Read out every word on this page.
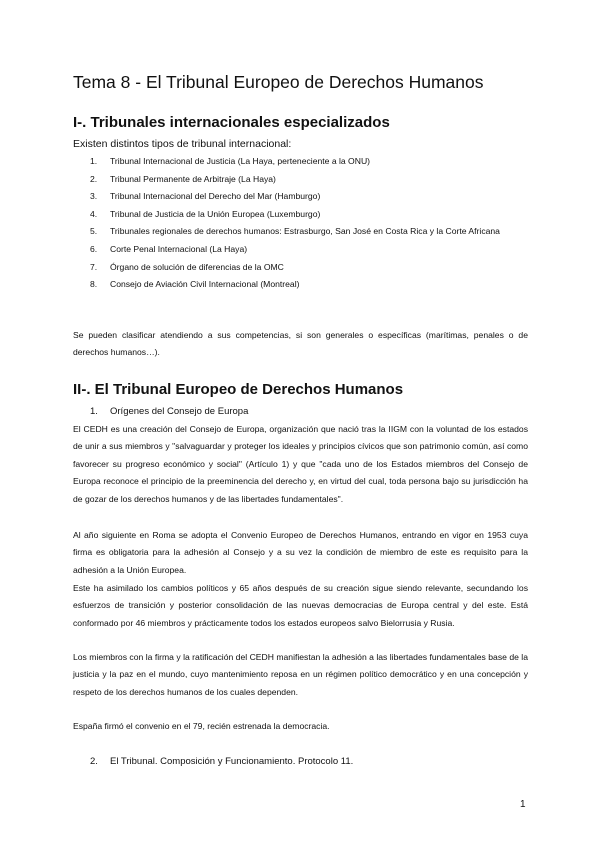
Tema 8 - El Tribunal Europeo de Derechos Humanos
I-. Tribunales internacionales especializados

Existen distintos tipos de tribunal internacional:

1. Tribunal Internacional de Justicia (La Haya, perteneciente a la ONU)
2. Tribunal Permanente de Arbitraje (La Haya)
3. Tribunal Internacional del Derecho del Mar (Hamburgo)
4. Tribunal de Justicia de la Unión Europea (Luxemburgo)
5. Tribunales regionales de derechos humanos: Estrasburgo, San José en Costa Rica y la Corte Africana
6. Corte Penal Internacional (La Haya)
7. Órgano de solución de diferencias de la OMC
8. Consejo de Aviación Civil Internacional (Montreal)

Se pueden clasificar atendiendo a sus competencias, si son generales o específicas (marítimas, penales o de derechos humanos…).

II-. El Tribunal Europeo de Derechos Humanos

1. Orígenes del Consejo de Europa

El CEDH es una creación del Consejo de Europa, organización que nació tras la IIGM con la voluntad de los estados de unir a sus miembros y "salvaguardar y proteger los ideales y principios cívicos que son patrimonio común, así como favorecer su progreso económico y social" (Artículo 1) y que "cada uno de los Estados miembros del Consejo de Europa reconoce el principio de la preeminencia del derecho y, en virtud del cual, toda persona bajo su jurisdicción ha de gozar de los derechos humanos y de las libertades fundamentales".

Al año siguiente en Roma se adopta el Convenio Europeo de Derechos Humanos, entrando en vigor en 1953 cuya firma es obligatoria para la adhesión al Consejo y a su vez la condición de miembro de este es requisito para la adhesión a la Unión Europea.

Este ha asimilado los cambios políticos y 65 años después de su creación sigue siendo relevante, secundando los esfuerzos de transición y posterior consolidación de las nuevas democracias de Europa central y del este. Está conformado por 46 miembros y prácticamente todos los estados europeos salvo Bielorrusia y Rusia.

Los miembros con la firma y la ratificación del CEDH manifiestan la adhesión a las libertades fundamentales base de la justicia y la paz en el mundo, cuyo mantenimiento reposa en un régimen político democrático y en una concepción y respeto de los derechos humanos de los cuales dependen.

España firmó el convenio en el 79, recién estrenada la democracia.

2. El Tribunal. Composición y Funcionamiento. Protocolo 11.

1
